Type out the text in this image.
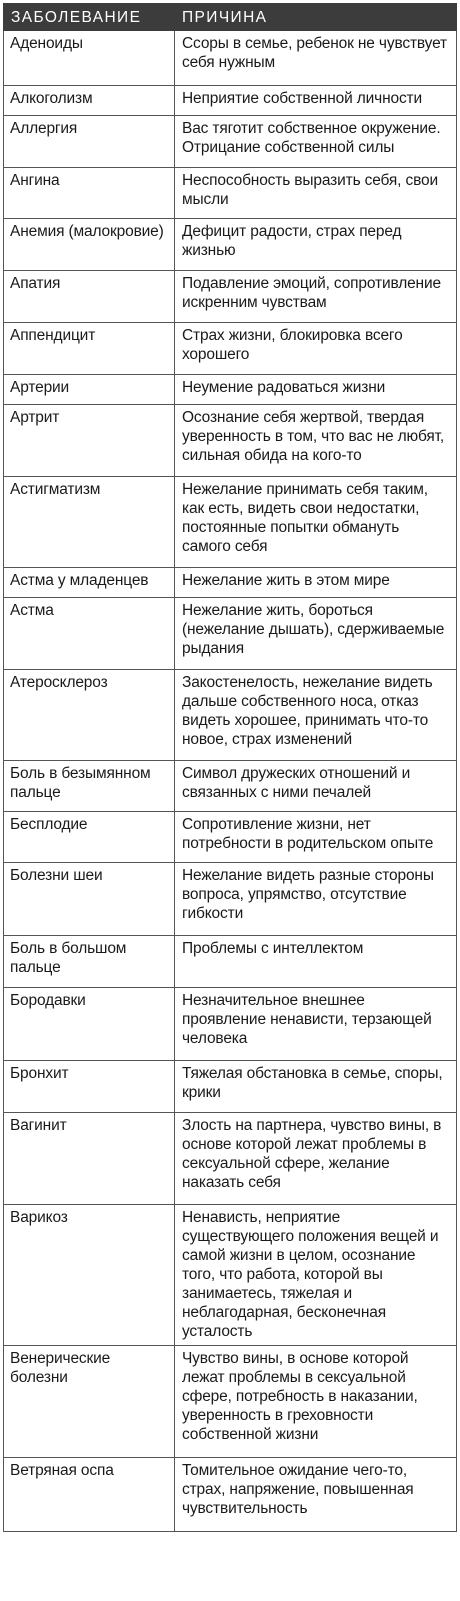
ЗАБОЛЕВАНИЕ	ПРИЧИНА
Аденоиды	Ссоры в семье, ребенок не чувствует себя нужным
Алкоголизм	Неприятие собственной личности
Аллергия	Вас тяготит собственное окружение. Отрицание собственной силы
Ангина	Неспособность выразить себя, свои мысли
Анемия (малокровие)	Дефицит радости, страх перед жизнью
Апатия	Подавление эмоций, сопротивление искренним чувствам
Аппендицит	Страх жизни, блокировка всего хорошего
Артерии	Неумение радоваться жизни
Артрит	Осознание себя жертвой, твердая уверенность в том, что вас не любят, сильная обида на кого-то
Астигматизм	Нежелание принимать себя таким, как есть, видеть свои недостатки, постоянные попытки обмануть самого себя
Астма у младенцев	Нежелание жить в этом мире
Астма	Нежелание жить, бороться (нежелание дышать), сдерживаемые рыдания
Атеросклероз	Закостенелость, нежелание видеть дальше собственного носа, отказ видеть хорошее, принимать что-то новое, страх изменений
Боль в безымянном пальце	Символ дружеских отношений и связанных с ними печалей
Бесплодие	Сопротивление жизни, нет потребности в родительском опыте
Болезни шеи	Нежелание видеть разные стороны вопроса, упрямство, отсутствие гибкости
Боль в большом пальце	Проблемы с интеллектом
Бородавки	Незначительное внешнее проявление ненависти, терзающей человека
Бронхит	Тяжелая обстановка в семье, споры, крики
Вагинит	Злость на партнера, чувство вины, в основе которой лежат проблемы в сексуальной сфере, желание наказать себя
Варикоз	Ненависть, неприятие существующего положения вещей и самой жизни в целом, осознание того, что работа, которой вы занимаетесь, тяжелая и неблагодарная, бесконечная усталость
Венерические болезни	Чувство вины, в основе которой лежат проблемы в сексуальной сфере, потребность в наказании, уверенность в греховности собственной жизни
Ветряная оспа	Томительное ожидание чего-то, страх, напряжение, повышенная чувствительность
